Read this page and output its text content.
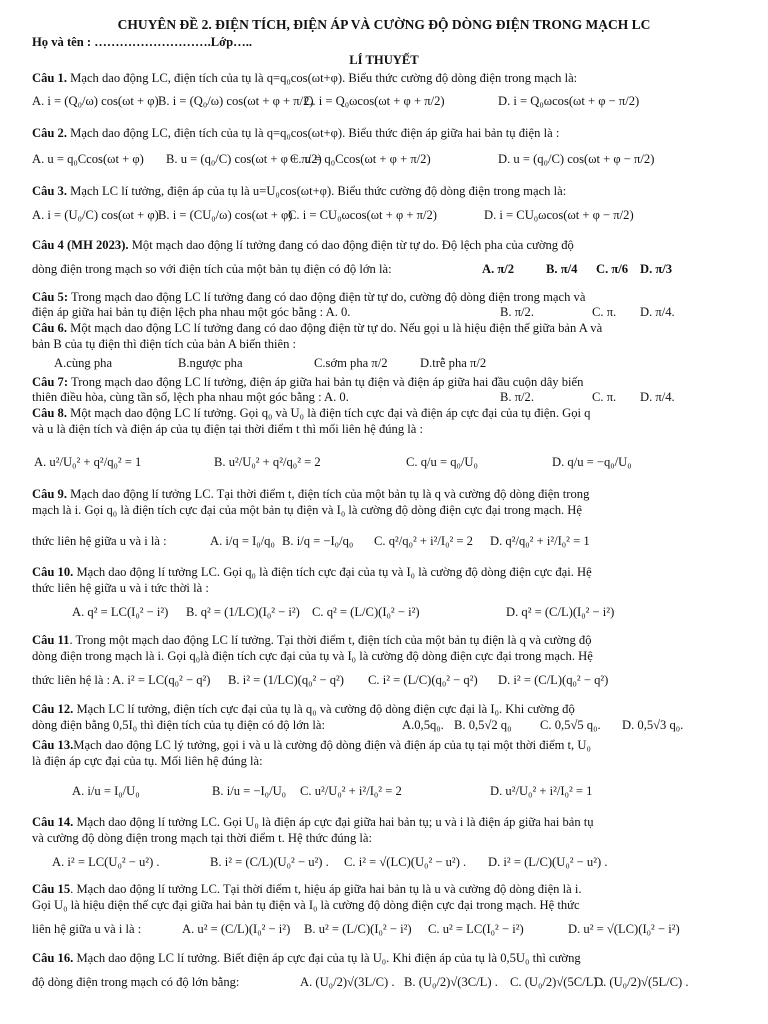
CHUYÊN ĐỀ 2. ĐIỆN TÍCH, ĐIỆN ÁP VÀ CƯỜNG ĐỘ DÒNG ĐIỆN TRONG MẠCH LC
Họ và tên : ……………………….Lớp…..
LÍ THUYẾT
Câu 1. Mạch dao động LC, điện tích của tụ là q=q₀cos(ωt+φ). Biểu thức cường độ dòng điện trong mạch là:
A. i = (Q₀/ω) cos(ωt + φ) B. i = (Q₀/ω) cos(ωt + φ + π/2)
C. i = Q₀ωcos(ωt + φ + π/2)	D. i = Q₀ωcos(ωt + φ − π/2)
Câu 2. Mạch dao động LC, điện tích của tụ là q=q₀cos(ωt+φ). Biểu thức điện áp giữa hai bản tụ điện là :
A. u = q₀Ccos(ωt + φ) B. u = (q₀/C) cos(ωt + φ + π/2)
C. u = q₀Ccos(ωt + φ + π/2)	D. u = (q₀/C) cos(ωt + φ − π/2)
Câu 3. Mạch LC lí tưởng, điện áp của tụ là u=U₀cos(ωt+φ). Biểu thức cường độ dòng điện trong mạch là:
A. i = (U₀/C) cos(ωt + φ) B. i = (CU₀/ω) cos(ωt + φ)
C. i = CU₀ωcos(ωt + φ + π/2)	D. i = CU₀ωcos(ωt + φ − π/2)
Câu 4 (MH 2023). Một mạch dao động lí tưởng đang có dao động điện từ tự do. Độ lệch pha của cường độ
dòng điện trong mạch so với điện tích của một bản tụ điện có độ lớn là:	A. π/2	B. π/4 C. π/6 D. π/3
Câu 5: Trong mạch dao động LC lí tưởng đang có dao động điện từ tự do, cường độ dòng điện trong mạch và
điện áp giữa hai bản tụ điện lệch pha nhau một góc bằng : A. 0.	B. π/2.	C. π. D. π/4.
Câu 6. Một mạch dao động LC lí tưởng đang có dao động điện từ tự do. Nếu gọi u là hiệu điện thế giữa bản A và
bản B của tụ điện thì điện tích của bản A biến thiên :
A.cùng pha	B.ngược pha	C.sớm pha π/2	D.trễ pha π/2
Câu 7: Trong mạch dao động LC lí tưởng, điện áp giữa hai bản tụ điện và điện áp giữa hai đầu cuộn dây biến
thiên điều hòa, cùng tần số, lệch pha nhau một góc bằng : A. 0.	B. π/2.	C. π. D. π/4.
Câu 8. Một mạch dao động LC lí tưởng. Gọi q₀ và U₀ là điện tích cực đại và điện áp cực đại của tụ điện. Gọi q
và u là điện tích và điện áp của tụ điện tại thời điểm t thì mối liên hệ đúng là :
A. u²/U₀² + q²/q₀² = 1	B. u²/U₀² + q²/q₀² = 2	C. q/u = q₀/U₀	D. q/u = −q₀/U₀
Câu 9. Mạch dao động lí tưởng LC. Tại thời điểm t, điện tích của một bản tụ là q và cường độ dòng điện trong
mạch là i. Gọi q₀ là điện tích cực đại của một bản tụ điện và I₀ là cường độ dòng điện cực đại trong mạch. Hệ
thức liên hệ giữa u và i là :	A. i/q = I₀/q₀ B. i/q = −I₀/q₀ C. q²/q₀² + i²/I₀² = 2 D. q²/q₀² + i²/I₀² = 1
Câu 10. Mạch dao động lí tưởng LC. Gọi q₀ là điện tích cực đại của tụ và I₀ là cường độ dòng điện cực đại. Hệ
thức liên hệ giữa u và i tức thời là :
A. q² = LC(I₀² − i²) B. q² = (1/LC)(I₀² − i²) C. q² = (L/C)(I₀² − i²)	D. q² = (C/L)(I₀² − i²)
Câu 11. Trong một mạch dao động LC lí tưởng. Tại thời điểm t, điện tích của một bản tụ điện là q và cường độ
dòng điện trong mạch là i. Gọi q₀là điện tích cực đại của tụ và I₀ là cường độ dòng điện cực đại trong mạch. Hệ
thức liên hệ là : A. i² = LC(q₀² − q²) B. i² = (1/LC)(q₀² − q²) C. i² = (L/C)(q₀² − q²) D. i² = (C/L)(q₀² − q²)
Câu 12. Mạch LC lí tưởng, điện tích cực đại của tụ là q₀ và cường độ dòng điện cực đại là I₀. Khi cường độ
dòng điện bằng 0,5I₀ thì điện tích của tụ điện có độ lớn là:	A.0,5q₀. B. 0,5√2 q₀ C. 0,5√5 q₀. D. 0,5√3 q₀.
Câu 13.Mạch dao động LC lý tưởng, gọi i và u là cường độ dòng điện và điện áp của tụ tại một thời điểm t, U₀
là điện áp cực đại của tụ. Mối liên hệ đúng là:
A. i/u = I₀/U₀	B. i/u = −I₀/U₀ C. u²/U₀² + i²/I₀² = 2	D. u²/U₀² + i²/I₀² = 1
Câu 14. Mạch dao động lí tưởng LC. Gọi U₀ là điện áp cực đại giữa hai bản tụ; u và i là điện áp giữa hai bản tụ
và cường độ dòng điện trong mạch tại thời điểm t. Hệ thức đúng là:
A. i² = LC(U₀² − u²) .	B. i² = (C/L)(U₀² − u²) . C. i² = √(LC)(U₀² − u²) . D. i² = (L/C)(U₀² − u²) .
Câu 15. Mạch dao động lí tưởng LC. Tại thời điểm t, hiệu áp giữa hai bản tụ là u và cường độ dòng điện là i.
Gọi U₀ là hiệu điện thế cực đại giữa hai bản tụ điện và I₀ là cường độ dòng điện cực đại trong mạch. Hệ thức
liên hệ giữa u và i là :	A. u² = (C/L)(I₀² − i²) B. u² = (L/C)(I₀² − i²) C. u² = LC(I₀² − i²)	D. u² = √(LC)(I₀² − i²)
Câu 16. Mạch dao động LC lí tưởng. Biết điện áp cực đại của tụ là U₀. Khi điện áp của tụ là 0,5U₀ thì cường
độ dòng điện trong mạch có độ lớn bằng:	A. (U₀/2)√(3L/C) . B. (U₀/2)√(3C/L) . C. (U₀/2)√(5C/L) .
D. (U₀/2)√(5L/C) .
